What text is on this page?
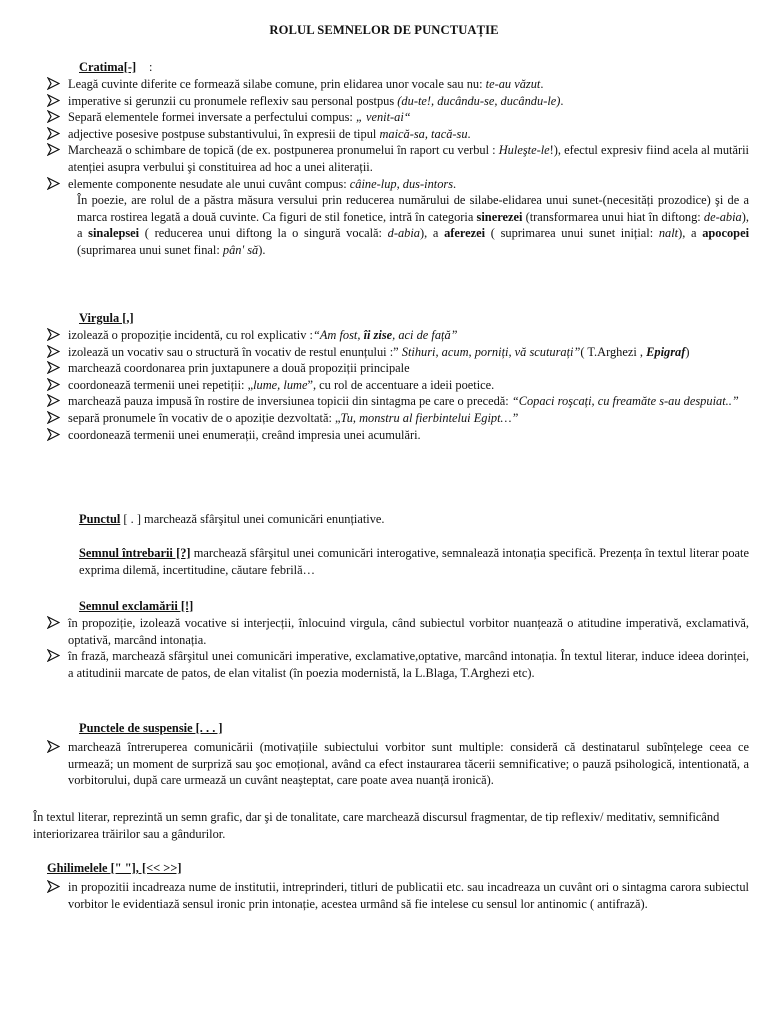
ROLUL SEMNELOR DE PUNCTUAȚIE
Cratima[-] :
Leagă cuvinte diferite ce formează silabe comune, prin elidarea unor vocale sau nu: te-au văzut.
imperative si gerunzii cu pronumele reflexiv sau personal postpus (du-te!, ducându-se, ducându-le).
Separă elementele formei inversate a perfectului compus: „ venit-ai“
adjective posesive postpuse substantivului, în expresii de tipul maică-sa, tacă-su.
Marchează o schimbare de topică (de ex. postpunerea pronumelui în raport cu verbul : Huleşte-le!), efectul expresiv fiind acela al mutării atenției asupra verbului şi constituirea ad hoc a unei aliterații.
elemente componente nesudate ale unui cuvânt compus: câine-lup, dus-intors.
În poezie, are rolul de a păstra măsura versului prin reducerea numărului de silabe-elidarea unui sunet-(necesități prozodice) şi de a marca rostirea legată a două cuvinte. Ca figuri de stil fonetice, intră în categoria sinerezei (transformarea unui hiat în diftong: de-abia), a sinalepsei ( reducerea unui diftong la o singură vocală: d-abia), a aferezei ( suprimarea unui sunet inițial: nalt), a apocopei (suprimarea unui sunet final: pân' să).
Virgula [,]
izolează o propoziție incidentă, cu rol explicativ :“Am fost, îi zise, aci de față”
izolează un vocativ sau o structură în vocativ de restul enunțului :” Stihuri, acum, porniți, vă scuturați”( T.Arghezi , Epigraf)
marchează coordonarea prin juxtapunere a două propoziții principale
coordonează termenii unei repetiții: „lume, lume”, cu rol de accentuare a ideii poetice.
marchează pauza impusă în rostire de inversiunea topicii din sintagma pe care o precedă: “Copaci roşcați, cu freamăte s-au despuiat..”
separă pronumele în vocativ de o apoziție dezvoltată: „Tu, monstru al fierbintelui Egipt…”
coordonează termenii unei enumerații, creând impresia unei acumulări.
Punctul [ . ] marchează sfârşitul unei comunicări enunțiative.
Semnul întrebarii [?] marchează sfârşitul unei comunicări interogative, semnalează intonația specifică. Prezența în textul literar poate exprima dilemă, incertitudine, căutare febrilă…
Semnul exclamării [!]
în propoziție, izolează vocative si interjecții, înlocuind virgula, când subiectul vorbitor nuanțează o atitudine imperativă, exclamativă, optativă, marcând intonația.
în frază, marchează sfârşitul unei comunicări imperative, exclamative,optative, marcând intonația. În textul literar, induce ideea dorinței, a atitudinii marcate de patos, de elan vitalist (în poezia modernistă, la L.Blaga, T.Arghezi etc).
Punctele de suspensie [. . . ]
marchează întreruperea comunicării (motivațiile subiectului vorbitor sunt multiple: consideră că destinatarul subînțelege ceea ce urmează; un moment de surpriză sau şoc emoțional, având ca efect instaurarea tăcerii semnificative; o pauză psihologică, intentionată, a vorbitorului, după care urmează un cuvânt neaşteptat, care poate avea nuanță ironică).
În textul literar, reprezintă un semn grafic, dar şi de tonalitate, care marchează discursul fragmentar, de tip reflexiv/ meditativ, semnificând interiorizarea trăirilor sau a gândurilor.
Ghilimelele [" "], [<< >>]
in propozitii incadreaza nume de institutii, intreprinderi, titluri de publicatii etc. sau incadreaza un cuvânt ori o sintagma carora subiectul vorbitor le evidentiază sensul ironic prin intonație, acestea urmând să fie intelese cu sensul lor antinomic ( antifrază).
